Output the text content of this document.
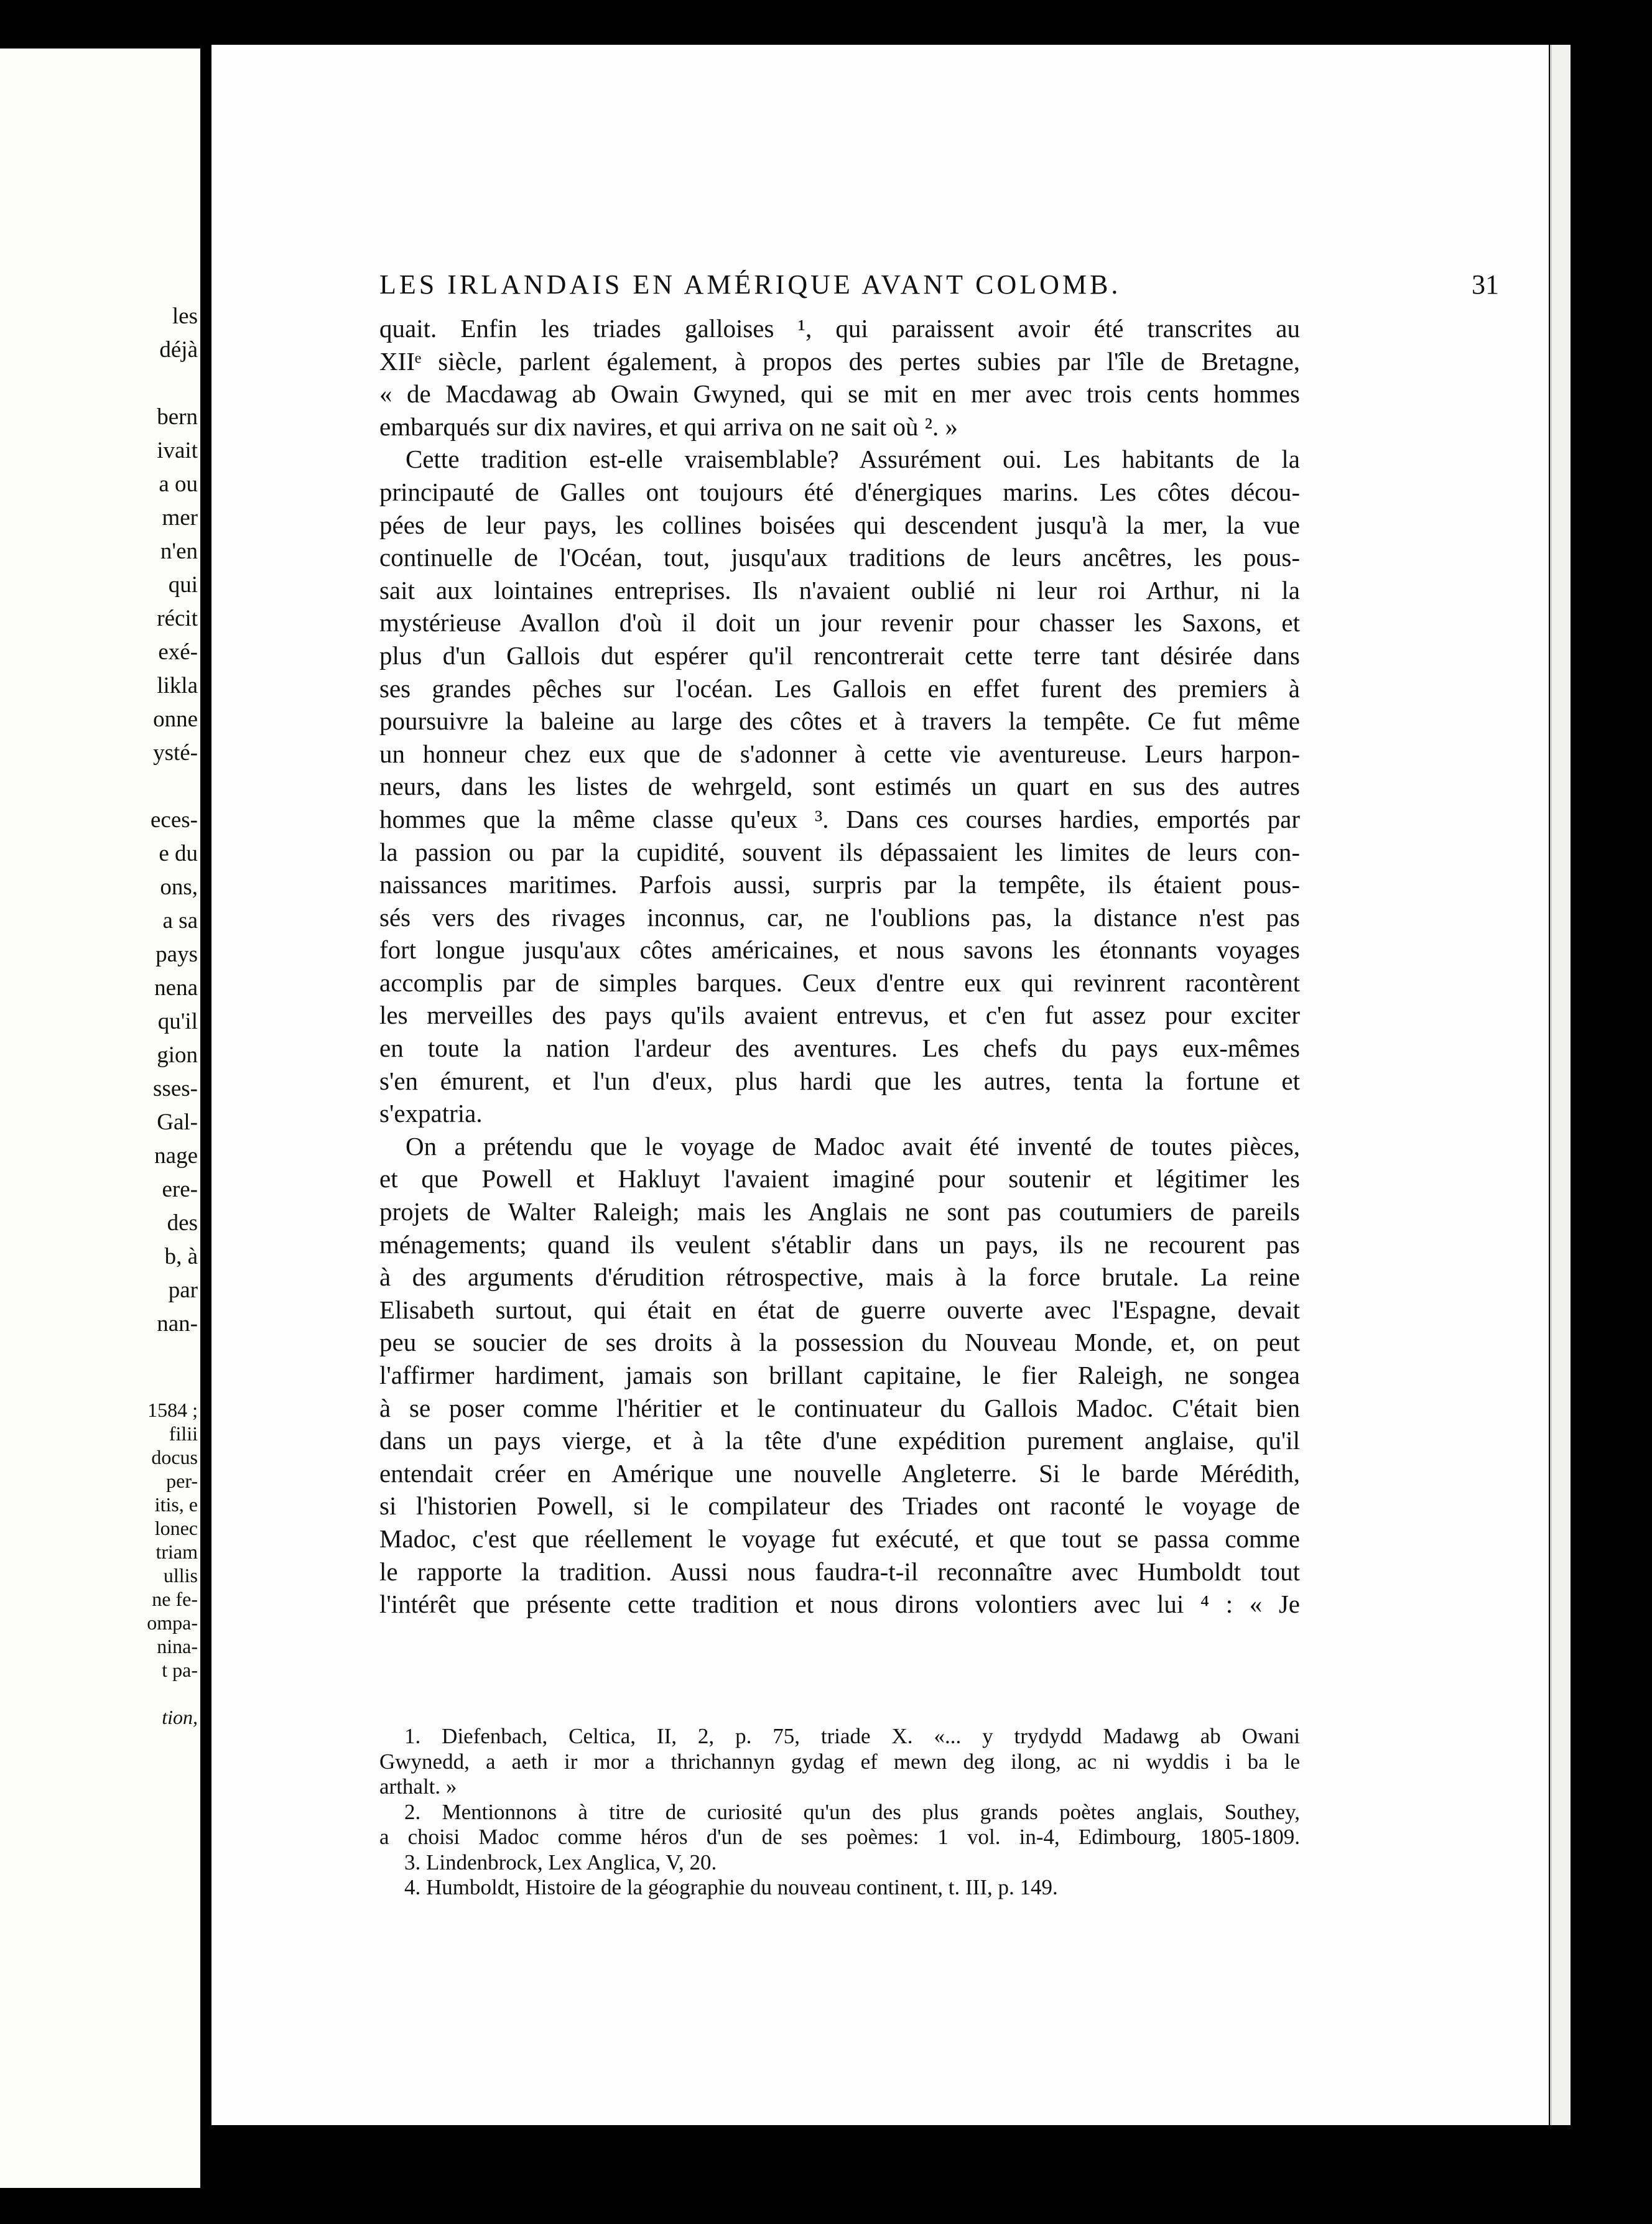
les
déjà

bern
ivait
a ou
mer
n'en
qui
récit
exé-
likla
onne
ysté-

eces-
e du
ons,
a sa
pays
nena
qu'il
gion
sses-
Gal-
nage
ere-
des
b, à
par
nan-
1584 ;
filii
docus
per-
itis, e
lonec
triam
ullis
ne fe-
ompa-
nina-
t pa-

tion,
LES IRLANDAIS EN AMÉRIQUE AVANT COLOMB.	31
quait. Enfin les triades galloises ¹, qui paraissent avoir été transcrites au
XIIᵉ siècle, parlent également, à propos des pertes subies par l'île de Bretagne,
« de Macdawag ab Owain Gwyned, qui se mit en mer avec trois cents hommes
embarqués sur dix navires, et qui arriva on ne sait où ². »
Cette tradition est-elle vraisemblable? Assurément oui. Les habitants de la
principauté de Galles ont toujours été d'énergiques marins. Les côtes décou-
pées de leur pays, les collines boisées qui descendent jusqu'à la mer, la vue
continuelle de l'Océan, tout, jusqu'aux traditions de leurs ancêtres, les pous-
sait aux lointaines entreprises. Ils n'avaient oublié ni leur roi Arthur, ni la
mystérieuse Avallon d'où il doit un jour revenir pour chasser les Saxons, et
plus d'un Gallois dut espérer qu'il rencontrerait cette terre tant désirée dans
ses grandes pêches sur l'océan. Les Gallois en effet furent des premiers à
poursuivre la baleine au large des côtes et à travers la tempête. Ce fut même
un honneur chez eux que de s'adonner à cette vie aventureuse. Leurs harpon-
neurs, dans les listes de wehrgeld, sont estimés un quart en sus des autres
hommes que la même classe qu'eux ³. Dans ces courses hardies, emportés par
la passion ou par la cupidité, souvent ils dépassaient les limites de leurs con-
naissances maritimes. Parfois aussi, surpris par la tempête, ils étaient pous-
sés vers des rivages inconnus, car, ne l'oublions pas, la distance n'est pas
fort longue jusqu'aux côtes américaines, et nous savons les étonnants voyages
accomplis par de simples barques. Ceux d'entre eux qui revinrent racontèrent
les merveilles des pays qu'ils avaient entrevus, et c'en fut assez pour exciter
en toute la nation l'ardeur des aventures. Les chefs du pays eux-mêmes
s'en émurent, et l'un d'eux, plus hardi que les autres, tenta la fortune et
s'expatria.
On a prétendu que le voyage de Madoc avait été inventé de toutes pièces,
et que Powell et Hakluyt l'avaient imaginé pour soutenir et légitimer les
projets de Walter Raleigh; mais les Anglais ne sont pas coutumiers de pareils
ménagements; quand ils veulent s'établir dans un pays, ils ne recourent pas
à des arguments d'érudition rétrospective, mais à la force brutale. La reine
Elisabeth surtout, qui était en état de guerre ouverte avec l'Espagne, devait
peu se soucier de ses droits à la possession du Nouveau Monde, et, on peut
l'affirmer hardiment, jamais son brillant capitaine, le fier Raleigh, ne songea
à se poser comme l'héritier et le continuateur du Gallois Madoc. C'était bien
dans un pays vierge, et à la tête d'une expédition purement anglaise, qu'il
entendait créer en Amérique une nouvelle Angleterre. Si le barde Mérédith,
si l'historien Powell, si le compilateur des Triades ont raconté le voyage de
Madoc, c'est que réellement le voyage fut exécuté, et que tout se passa comme
le rapporte la tradition. Aussi nous faudra-t-il reconnaître avec Humboldt tout
l'intérêt que présente cette tradition et nous dirons volontiers avec lui ⁴ : « Je
1. Diefenbach, Celtica, II, 2, p. 75, triade X. «... y trydydd Madawg ab Owani
Gwynedd, a aeth ir mor a thrichannyn gydag ef mewn deg ilong, ac ni wyddis i ba le
arthalt. »
2. Mentionnons à titre de curiosité qu'un des plus grands poètes anglais, Southey,
a choisi Madoc comme héros d'un de ses poèmes: 1 vol. in-4, Edimbourg, 1805-1809.
3. Lindenbrock, Lex Anglica, V, 20.
4. Humboldt, Histoire de la géographie du nouveau continent, t. III, p. 149.
